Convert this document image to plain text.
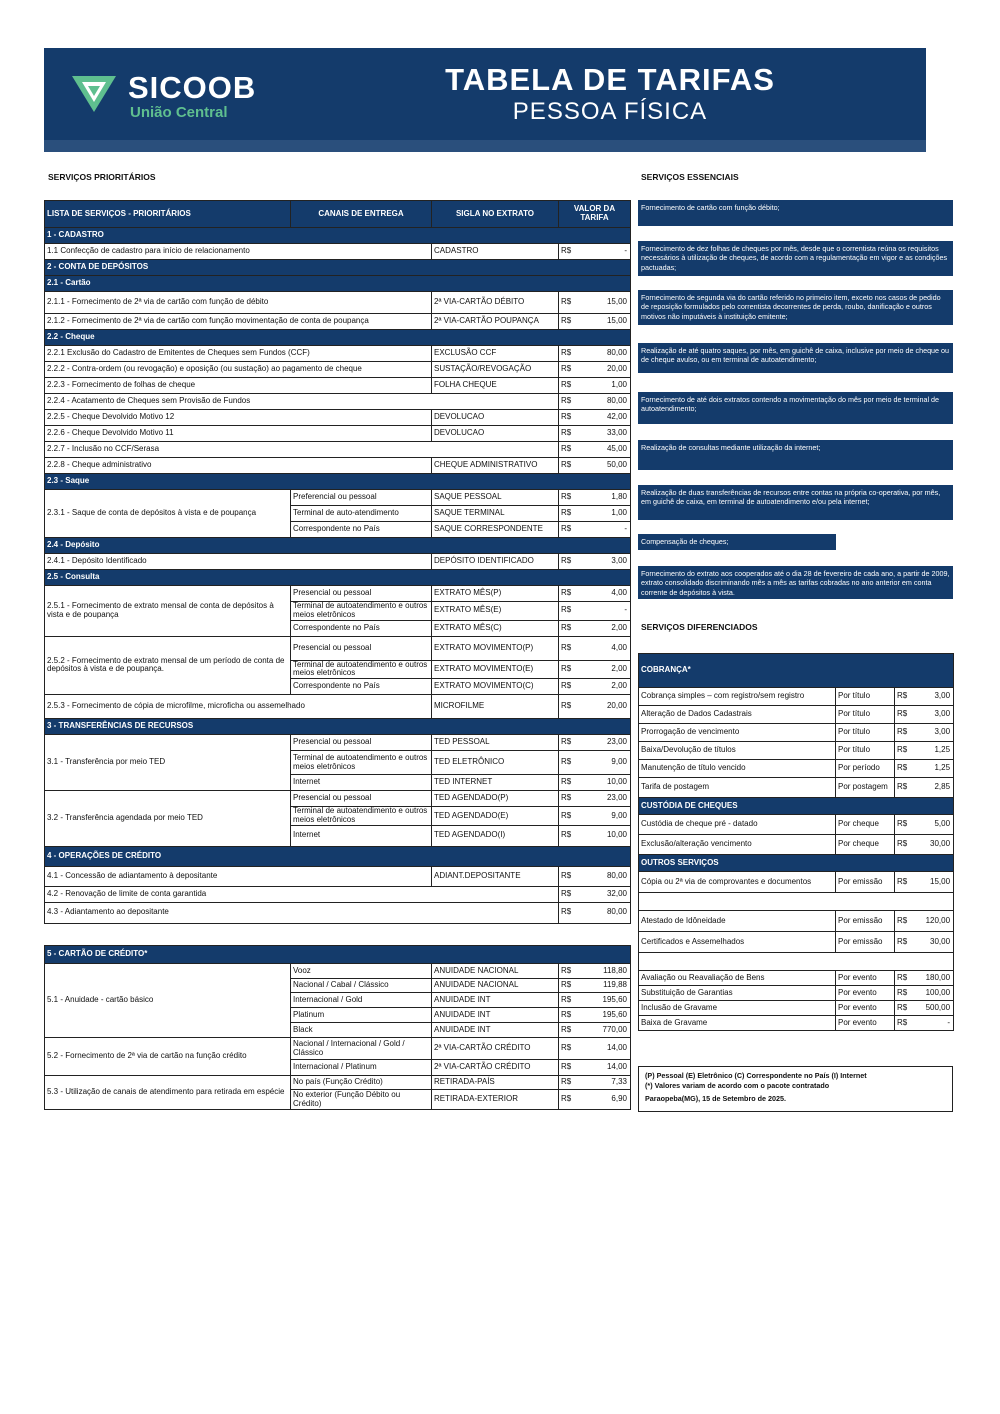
SICOOB
União Central
TABELA DE TARIFAS
PESSOA FÍSICA
SERVIÇOS PRIORITÁRIOS	SERVIÇOS ESSENCIAIS
SERVIÇOS DIFERENCIADOS
LISTA DE SERVIÇOS - PRIORITÁRIOS	CANAIS DE ENTREGA	SIGLA NO EXTRATO	VALOR DA TARIFA	
1 - CADASTRO				
1.1 Confecção de cadastro para início de relacionamento		CADASTRO	R$	-
2 - CONTA DE DEPÓSITOS				
2.1 - Cartão				
2.1.1 - Fornecimento de 2ª via de cartão com função de débito		2ª VIA-CARTÃO DÉBITO	R$	15,00
2.1.2 - Fornecimento de 2ª via de cartão com função movimentação de conta de poupança		2ª VIA-CARTÃO POUPANÇA	R$	15,00
2.2 - Cheque				
2.2.1 Exclusão do Cadastro de Emitentes de Cheques sem Fundos (CCF)		EXCLUSÃO CCF	R$	80,00
2.2.2 - Contra-ordem (ou revogação) e oposição (ou sustação) ao pagamento de cheque		SUSTAÇÃO/REVOGAÇÃO	R$	20,00
2.2.3 - Fornecimento de folhas de cheque		FOLHA CHEQUE	R$	1,00
2.2.4 - Acatamento de Cheques sem Provisão de Fundos			R$	80,00
2.2.5 - Cheque Devolvido Motivo 12		DEVOLUCAO	R$	42,00
2.2.6 - Cheque Devolvido Motivo 11		DEVOLUCAO	R$	33,00
2.2.7 - Inclusão no CCF/Serasa			R$	45,00
2.2.8 - Cheque administrativo		CHEQUE ADMINISTRATIVO	R$	50,00
2.3 - Saque				
2.3.1 - Saque de conta de depósitos à vista e de poupança	Preferencial ou pessoal	SAQUE PESSOAL	R$	1,80
	Terminal de auto-atendimento	SAQUE TERMINAL	R$	1,00
	Correspondente no País	SAQUE CORRESPONDENTE	R$	-
2.4 - Depósito				
2.4.1 - Depósito Identificado		DEPÓSITO IDENTIFICADO	R$	3,00
2.5 - Consulta				
2.5.1 - Fornecimento de extrato mensal de conta de depósitos à vista e de poupança	Presencial ou pessoal	EXTRATO MÊS(P)	R$	4,00
	Terminal de autoatendimento e outros meios eletrônicos	EXTRATO MÊS(E)	R$	-
	Correspondente no País	EXTRATO MÊS(C)	R$	2,00
2.5.2 - Fornecimento de extrato mensal de um período de conta de depósitos à vista e de poupança.	Presencial ou pessoal	EXTRATO MOVIMENTO(P)	R$	4,00
	Terminal de autoatendimento e outros meios eletrônicos	EXTRATO MOVIMENTO(E)	R$	2,00
	Correspondente no País	EXTRATO MOVIMENTO(C)	R$	2,00
2.5.3 - Fornecimento de cópia de microfilme, microficha ou assemelhado		MICROFILME	R$	20,00
3 - TRANSFERÊNCIAS DE RECURSOS				
3.1 - Transferência por meio TED	Presencial ou pessoal	TED PESSOAL	R$	23,00
	Terminal de autoatendimento e outros meios eletrônicos	TED ELETRÔNICO	R$	9,00
	Internet	TED INTERNET	R$	10,00
3.2 - Transferência agendada por meio TED	Presencial ou pessoal	TED AGENDADO(P)	R$	23,00
	Terminal de autoatendimento e outros meios eletrônicos	TED AGENDADO(E)	R$	9,00
	Internet	TED AGENDADO(I)	R$	10,00
4 - OPERAÇÕES DE CRÉDITO				
4.1 - Concessão de adiantamento à depositante		ADIANT.DEPOSITANTE	R$	80,00
4.2 - Renovação de limite de conta garantida			R$	32,00
4.3 - Adiantamento ao depositante			R$	80,00
5 - CARTÃO DE CRÉDITO*				
5.1 - Anuidade - cartão básico	Vooz	ANUIDADE NACIONAL	R$	118,80
	Nacional / Cabal / Clássico	ANUIDADE NACIONAL	R$	119,88
	Internacional / Gold	ANUIDADE INT	R$	195,60
	Platinum	ANUIDADE INT	R$	195,60
	Black	ANUIDADE INT	R$	770,00
5.2 - Fornecimento de 2ª via de cartão na função crédito	Nacional / Internacional / Gold / Clássico	2ª VIA-CARTÃO CRÉDITO	R$	14,00
	Internacional / Platinum	2ª VIA-CARTÃO CRÉDITO	R$	14,00
5.3 - Utilização de canais de atendimento para retirada em espécie	No país (Função Crédito)	RETIRADA-PAÍS	R$	7,33
	No exterior (Função Débito ou Crédito)	RETIRADA-EXTERIOR	R$	6,90
Fornecimento de cartão com função débito;
Fornecimento de dez folhas de cheques por mês, desde que o correntista reúna os requisitos necessários à utilização de cheques, de acordo com a regulamentação em vigor e as condições pactuadas;
Fornecimento de segunda via do cartão referido no primeiro item, exceto nos casos de pedido de reposição formulados pelo correntista decorrentes de perda, roubo, danificação e outros motivos não imputáveis à instituição emitente;
Realização de até quatro saques, por mês, em guichê de caixa, inclusive por meio de cheque ou de cheque avulso, ou em terminal de autoatendimento;
Fornecimento de até dois extratos contendo a movimentação do mês por meio de terminal de autoatendimento;
Realização de consultas mediante utilização da internet;
Realização de duas transferências de recursos entre contas na própria co-operativa, por mês, em guichê de caixa, em terminal de autoatendimento e/ou pela internet;
Compensação de cheques;
Fornecimento do extrato aos cooperados até o dia 28 de fevereiro de cada ano, a partir de 2009, extrato consolidado discriminando mês a mês as tarifas cobradas no ano anterior em conta corrente de depósitos à vista.
COBRANÇA*			
Cobrança simples – com registro/sem registro	Por título	R$	3,00
Alteração de Dados Cadastrais	Por título	R$	3,00
Prorrogação de vencimento	Por título	R$	3,00
Baixa/Devolução de títulos	Por título	R$	1,25
Manutenção de título vencido	Por período	R$	1,25
Tarifa de postagem	Por postagem	R$	2,85
CUSTÓDIA DE CHEQUES			
Custódia de cheque pré - datado	Por cheque	R$	5,00
Exclusão/alteração vencimento	Por cheque	R$	30,00
OUTROS SERVIÇOS			
Cópia ou 2ª via de comprovantes e documentos	Por emissão	R$	15,00

Atestado de Idôneidade	Por emissão	R$	120,00
Certificados e Assemelhados	Por emissão	R$	30,00

Avaliação ou Reavaliação de Bens	Por evento	R$	180,00
Substituição de Garantias	Por evento	R$	100,00
Inclusão de Gravame	Por evento	R$	500,00
Baixa de Gravame	Por evento	R$	-
(P) Pessoal (E) Eletrônico (C) Correspondente no País (I) Internet
(*) Valores variam de acordo com o pacote contratado
Paraopeba(MG), 15 de Setembro de 2025.
